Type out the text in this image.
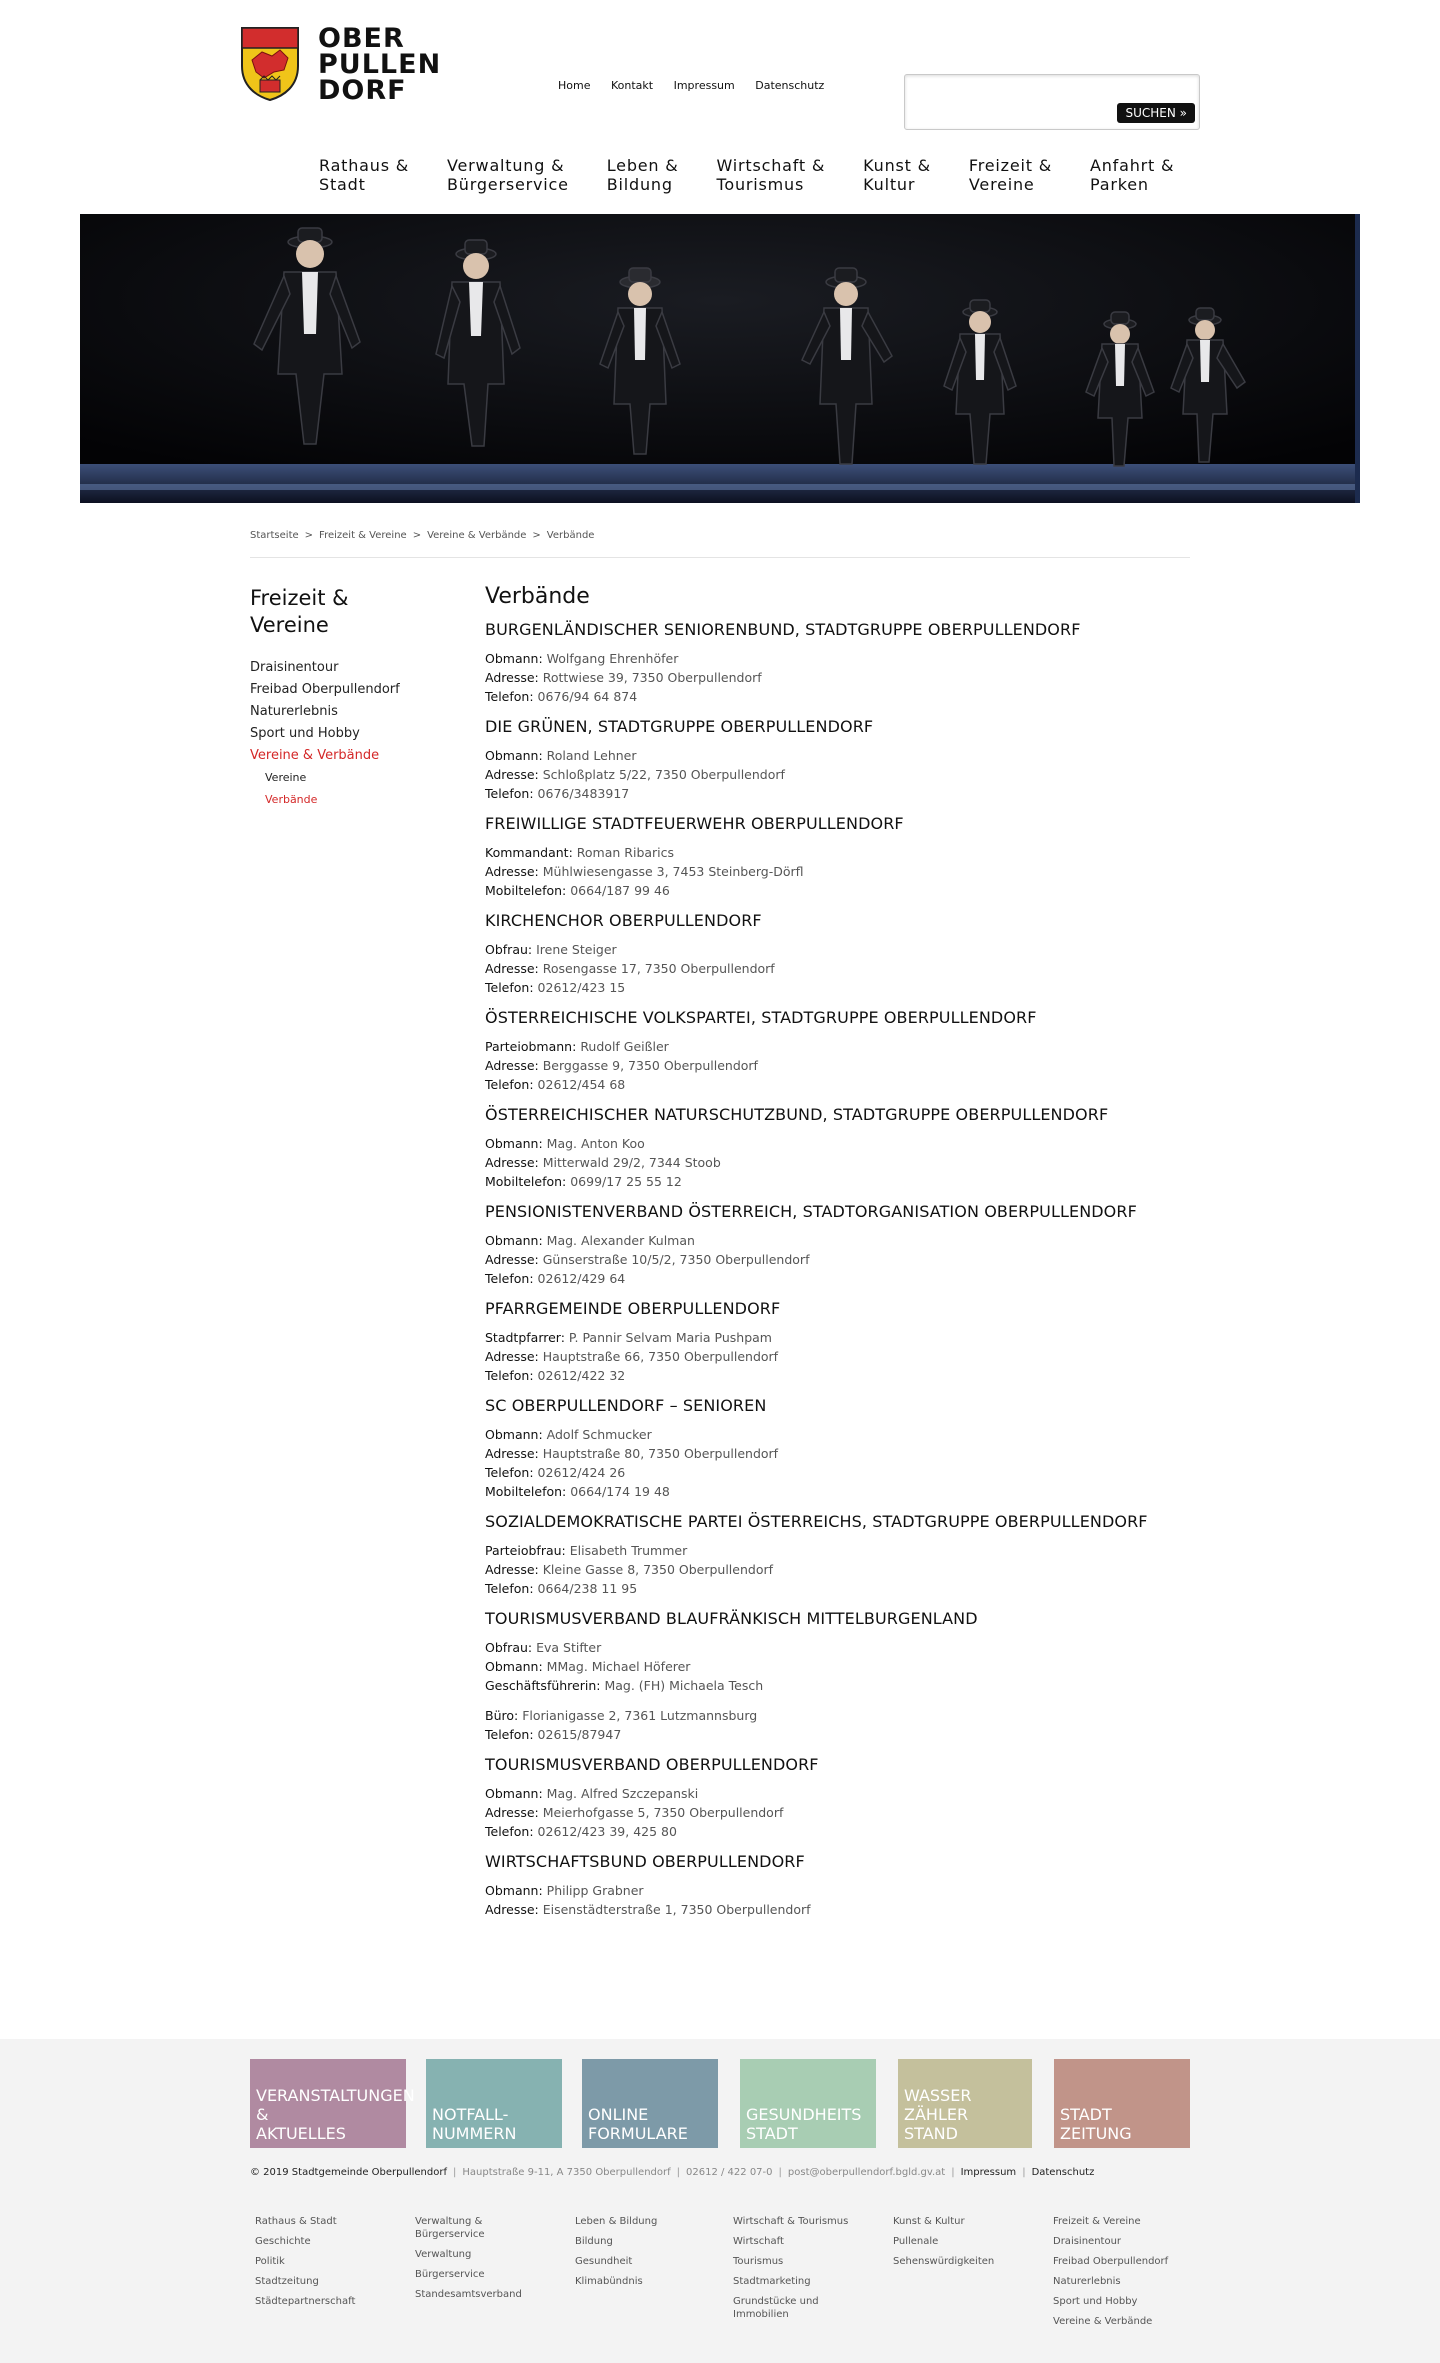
OBER
PULLEN
DORF	Home Kontakt Impressum Datenschutz
SUCHEN »
Rathaus &
Stadt
Verwaltung &
Bürgerservice
Leben &
Bildung
Wirtschaft &
Tourismus
Kunst &
Kultur
Freizeit &
Vereine
Anfahrt &
Parken
Startseite > Freizeit & Vereine > Vereine & Verbände > Verbände
Freizeit &
Vereine
Draisinentour
Freibad Oberpullendorf
Naturerlebnis
Sport und Hobby
Vereine & Verbände
Vereine
Verbände
Verbände
BURGENLÄNDISCHER SENIORENBUND, STADTGRUPPE OBERPULLENDORF
Obmann: Wolfgang Ehrenhöfer
Adresse: Rottwiese 39, 7350 Oberpullendorf
Telefon: 0676/94 64 874
DIE GRÜNEN, STADTGRUPPE OBERPULLENDORF
Obmann: Roland Lehner
Adresse: Schloßplatz 5/22, 7350 Oberpullendorf
Telefon: 0676/3483917
FREIWILLIGE STADTFEUERWEHR OBERPULLENDORF
Kommandant: Roman Ribarics
Adresse: Mühlwiesengasse 3, 7453 Steinberg-Dörfl
Mobiltelefon: 0664/187 99 46
KIRCHENCHOR OBERPULLENDORF
Obfrau: Irene Steiger
Adresse: Rosengasse 17, 7350 Oberpullendorf
Telefon: 02612/423 15
ÖSTERREICHISCHE VOLKSPARTEI, STADTGRUPPE OBERPULLENDORF
Parteiobmann: Rudolf Geißler
Adresse: Berggasse 9, 7350 Oberpullendorf
Telefon: 02612/454 68
ÖSTERREICHISCHER NATURSCHUTZBUND, STADTGRUPPE OBERPULLENDORF
Obmann: Mag. Anton Koo
Adresse: Mitterwald 29/2, 7344 Stoob
Mobiltelefon: 0699/17 25 55 12
PENSIONISTENVERBAND ÖSTERREICH, STADTORGANISATION OBERPULLENDORF
Obmann: Mag. Alexander Kulman
Adresse: Günserstraße 10/5/2, 7350 Oberpullendorf
Telefon: 02612/429 64
PFARRGEMEINDE OBERPULLENDORF
Stadtpfarrer: P. Pannir Selvam Maria Pushpam
Adresse: Hauptstraße 66, 7350 Oberpullendorf
Telefon: 02612/422 32
SC OBERPULLENDORF – SENIOREN
Obmann: Adolf Schmucker
Adresse: Hauptstraße 80, 7350 Oberpullendorf
Telefon: 02612/424 26
Mobiltelefon: 0664/174 19 48
SOZIALDEMOKRATISCHE PARTEI ÖSTERREICHS, STADTGRUPPE OBERPULLENDORF
Parteiobfrau: Elisabeth Trummer
Adresse: Kleine Gasse 8, 7350 Oberpullendorf
Telefon: 0664/238 11 95
TOURISMUSVERBAND BLAUFRÄNKISCH MITTELBURGENLAND
Obfrau: Eva Stifter
Obmann: MMag. Michael Höferer
Geschäftsführerin: Mag. (FH) Michaela Tesch
Büro: Florianigasse 2, 7361 Lutzmannsburg
Telefon: 02615/87947
TOURISMUSVERBAND OBERPULLENDORF
Obmann: Mag. Alfred Szczepanski
Adresse: Meierhofgasse 5, 7350 Oberpullendorf
Telefon: 02612/423 39, 425 80
WIRTSCHAFTSBUND OBERPULLENDORF
Obmann: Philipp Grabner
Adresse: Eisenstädterstraße 1, 7350 Oberpullendorf
VERANSTALTUNGEN
&
AKTUELLES
NOTFALL-
NUMMERN
ONLINE
FORMULARE
GESUNDHEITS
STADT
WASSER
ZÄHLER
STAND
STADT
ZEITUNG
© 2019 Stadtgemeinde Oberpullendorf | Hauptstraße 9-11, A 7350 Oberpullendorf | 02612 / 422 07-0 | post@oberpullendorf.bgld.gv.at | Impressum | Datenschutz
Rathaus & Stadt
Geschichte
Politik
Stadtzeitung
Städtepartnerschaft
Verwaltung &
Bürgerservice
Verwaltung
Bürgerservice
Standesamtsverband
Leben & Bildung
Bildung
Gesundheit
Klimabündnis
Wirtschaft & Tourismus
Wirtschaft
Tourismus
Stadtmarketing
Grundstücke und
Immobilien
Kunst & Kultur
Pullenale
Sehenswürdigkeiten
Freizeit & Vereine
Draisinentour
Freibad Oberpullendorf
Naturerlebnis
Sport und Hobby
Vereine & Verbände
